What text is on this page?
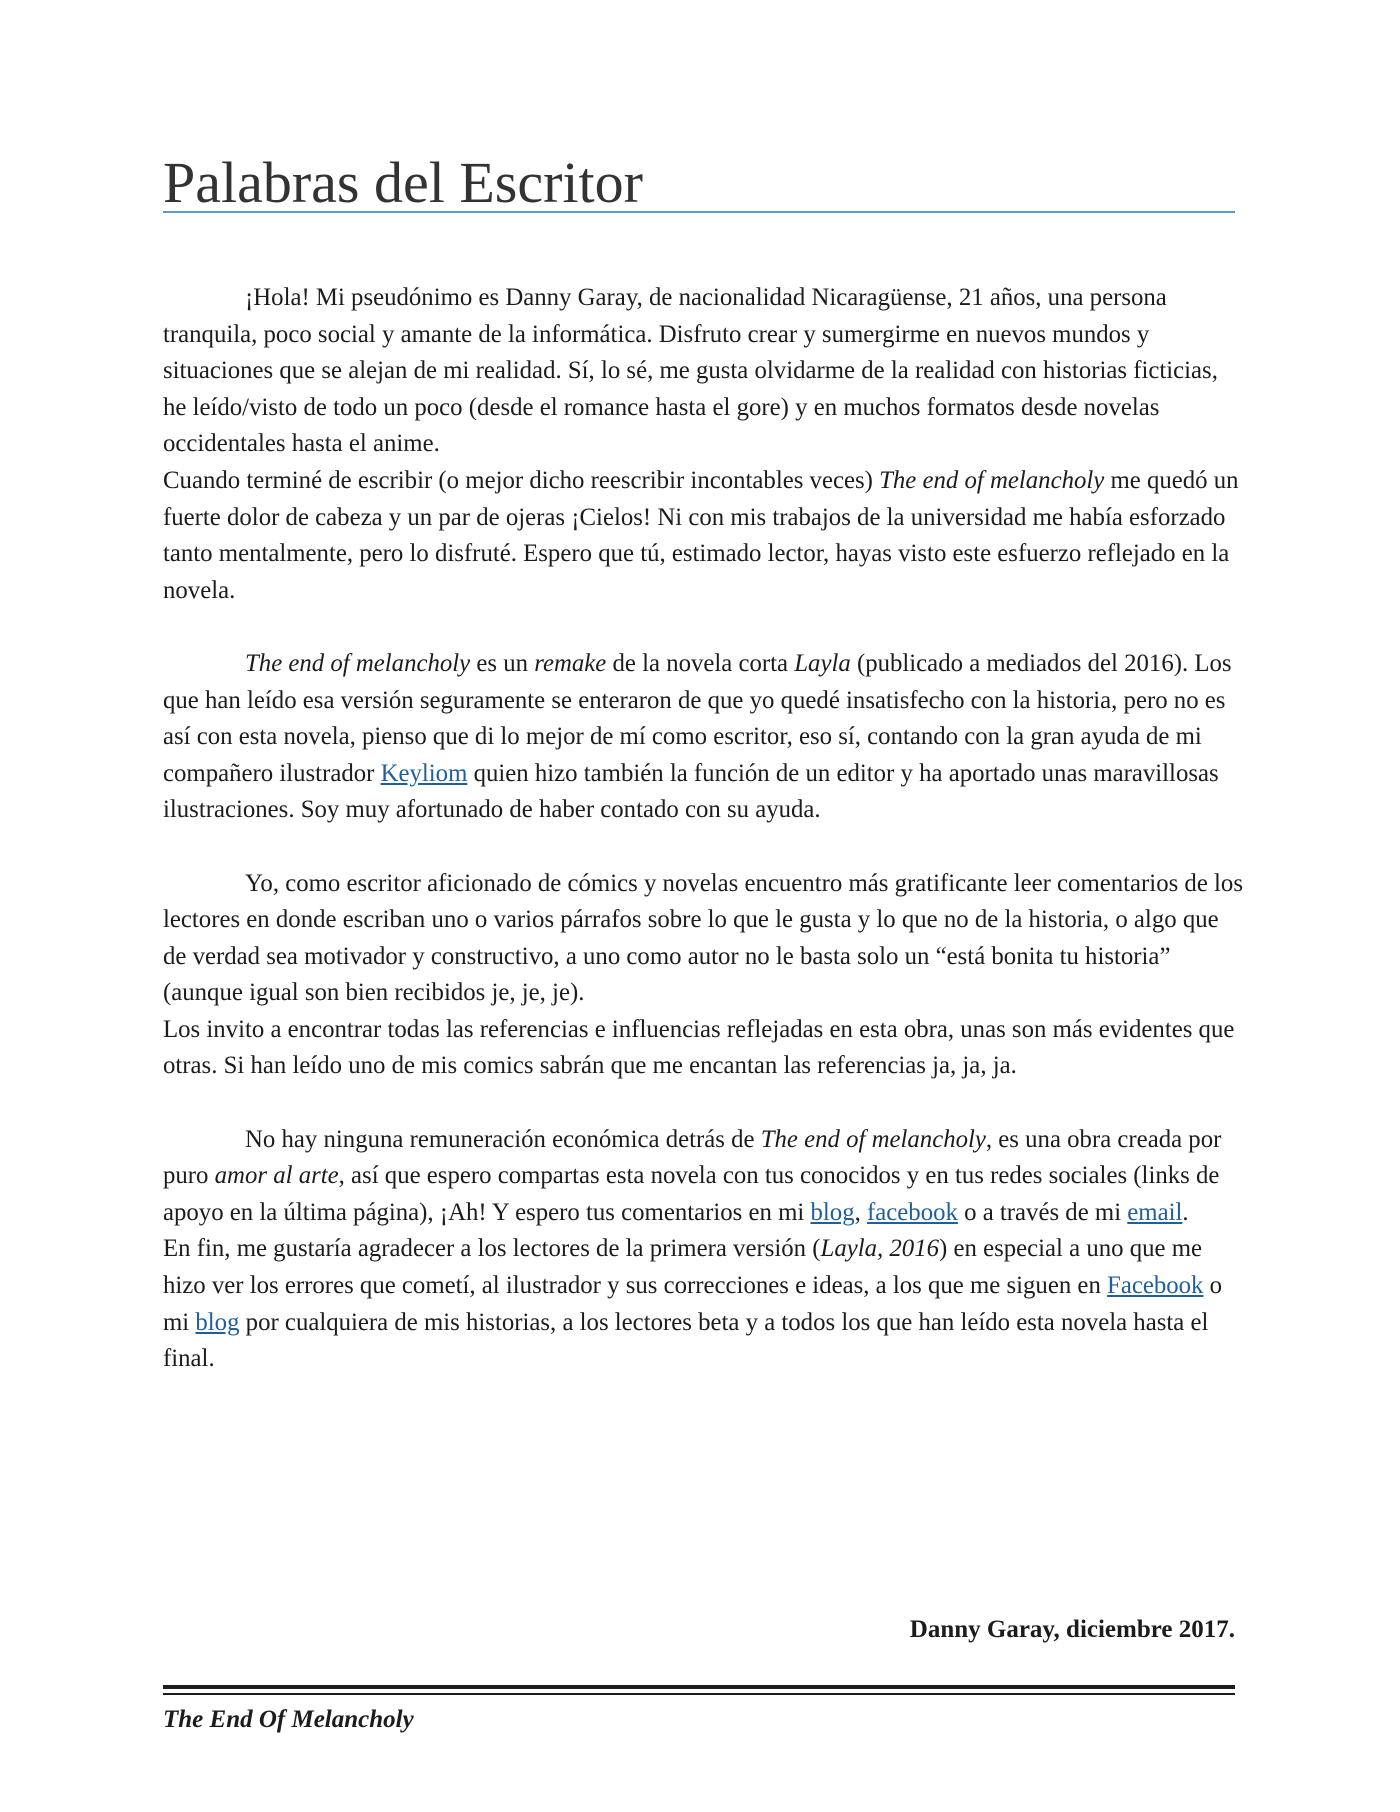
Palabras del Escritor

¡Hola! Mi pseudónimo es Danny Garay, de nacionalidad Nicaragüense, 21 años, una persona tranquila, poco social y amante de la informática. Disfruto crear y sumergirme en nuevos mundos y situaciones que se alejan de mi realidad. Sí, lo sé, me gusta olvidarme de la realidad con historias ficticias, he leído/visto de todo un poco (desde el romance hasta el gore) y en muchos formatos desde novelas occidentales hasta el anime.

Cuando terminé de escribir (o mejor dicho reescribir incontables veces) The end of melancholy me quedó un fuerte dolor de cabeza y un par de ojeras ¡Cielos! Ni con mis trabajos de la universidad me había esforzado tanto mentalmente, pero lo disfruté. Espero que tú, estimado lector, hayas visto este esfuerzo reflejado en la novela.

The end of melancholy es un remake de la novela corta Layla (publicado a mediados del 2016). Los que han leído esa versión seguramente se enteraron de que yo quedé insatisfecho con la historia, pero no es así con esta novela, pienso que di lo mejor de mí como escritor, eso sí, contando con la gran ayuda de mi compañero ilustrador Keyliom quien hizo también la función de un editor y ha aportado unas maravillosas ilustraciones. Soy muy afortunado de haber contado con su ayuda.

Yo, como escritor aficionado de cómics y novelas encuentro más gratificante leer comentarios de los lectores en donde escriban uno o varios párrafos sobre lo que le gusta y lo que no de la historia, o algo que de verdad sea motivador y constructivo, a uno como autor no le basta solo un “está bonita tu historia” (aunque igual son bien recibidos je, je, je).

Los invito a encontrar todas las referencias e influencias reflejadas en esta obra, unas son más evidentes que otras. Si han leído uno de mis comics sabrán que me encantan las referencias ja, ja, ja.

No hay ninguna remuneración económica detrás de The end of melancholy, es una obra creada por puro amor al arte, así que espero compartas esta novela con tus conocidos y en tus redes sociales (links de apoyo en la última página), ¡Ah! Y espero tus comentarios en mi blog, facebook o a través de mi email.

En fin, me gustaría agradecer a los lectores de la primera versión (Layla, 2016) en especial a uno que me hizo ver los errores que cometí, al ilustrador y sus correcciones e ideas, a los que me siguen en Facebook o mi blog por cualquiera de mis historias, a los lectores beta y a todos los que han leído esta novela hasta el final.

Danny Garay, diciembre 2017.
The End Of Melancholy
